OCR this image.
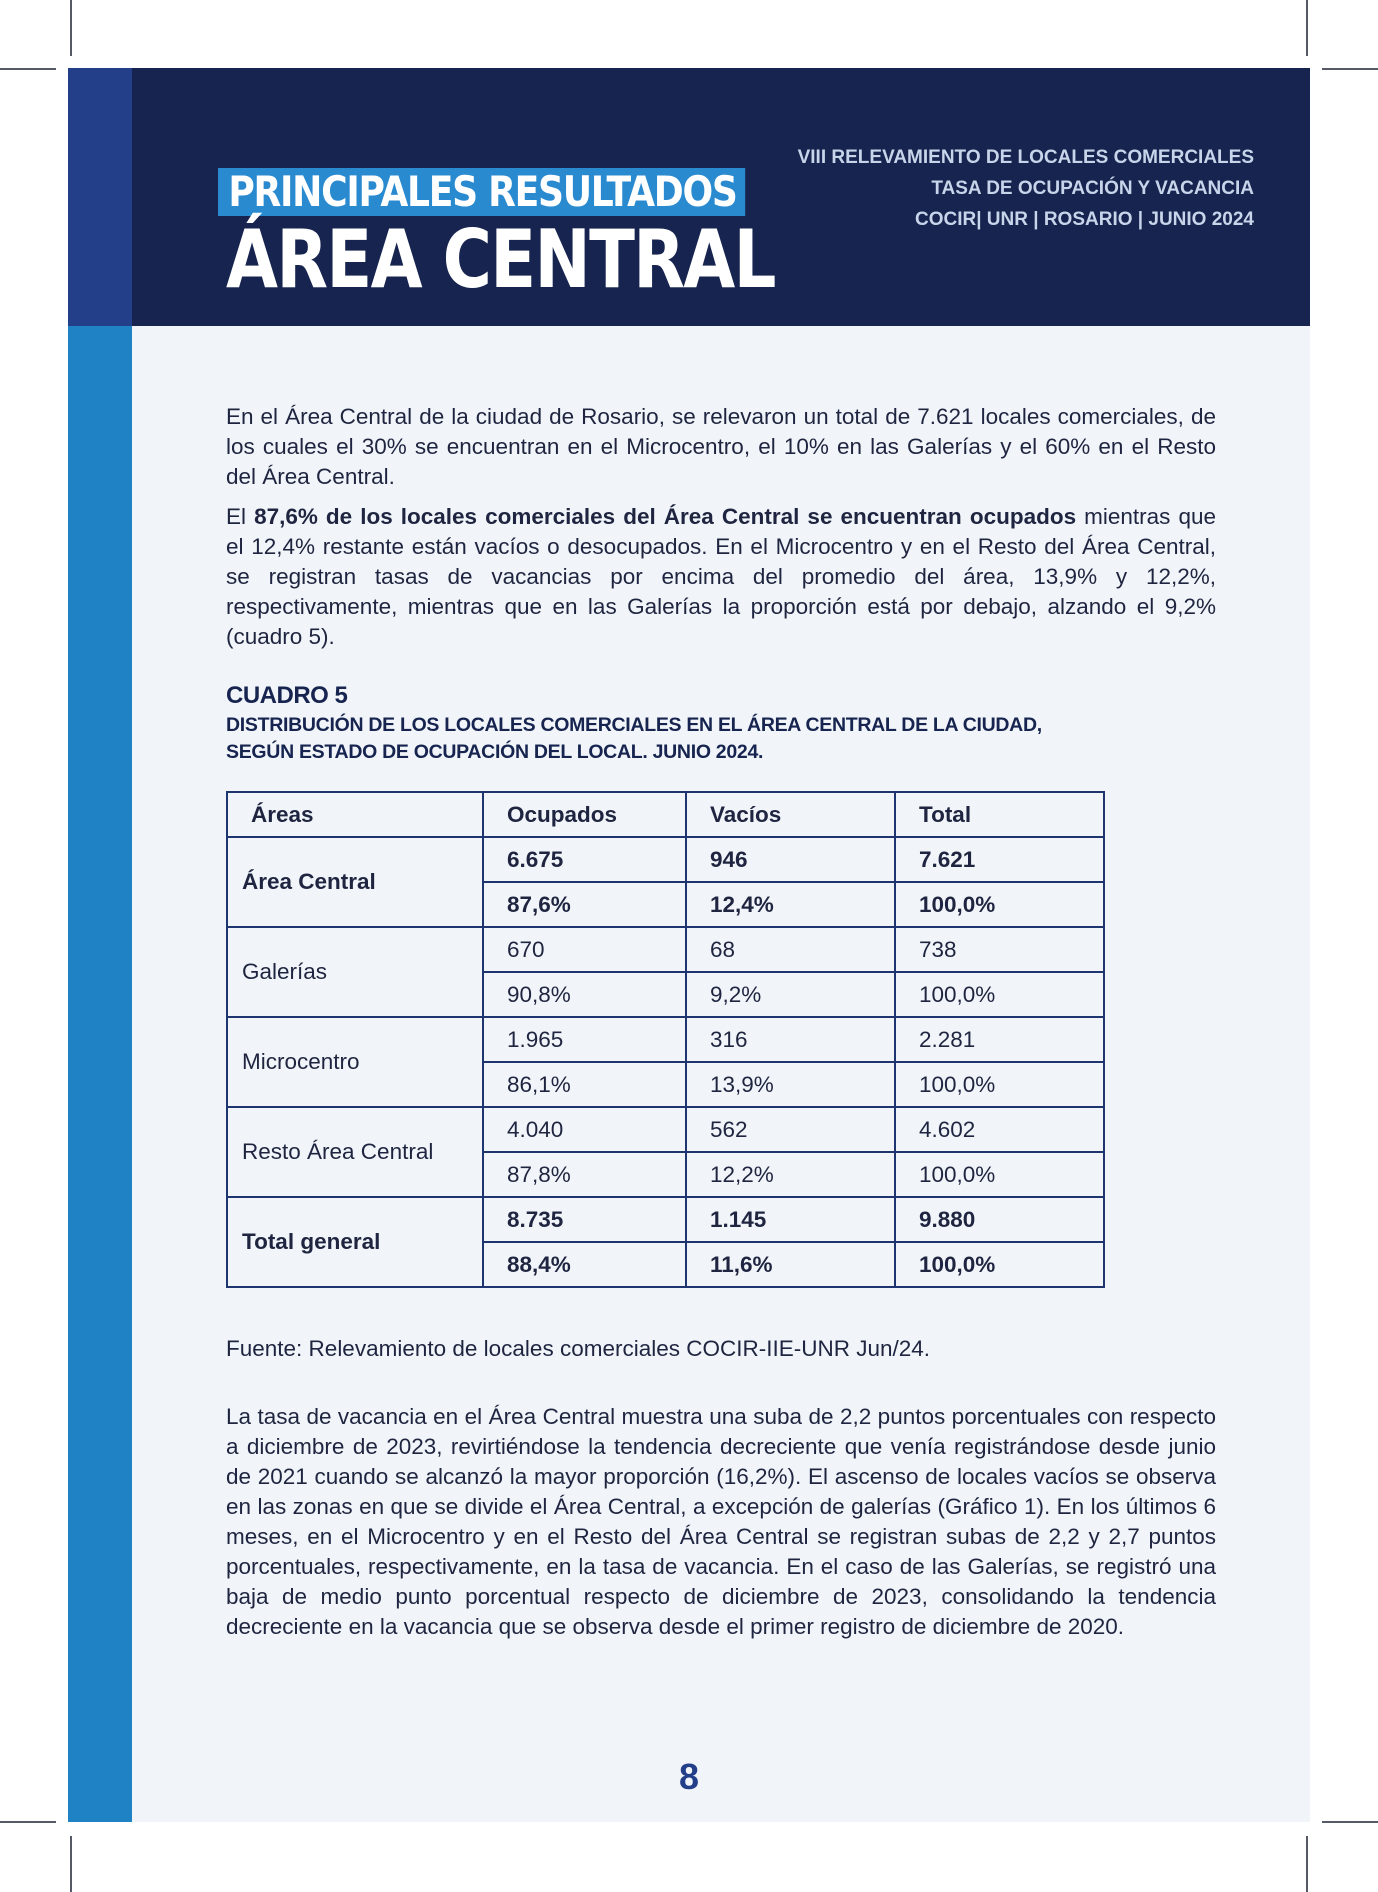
PRINCIPALES RESULTADOS
ÁREA CENTRAL
VIII RELEVAMIENTO DE LOCALES COMERCIALES
TASA DE OCUPACIÓN Y VACANCIA
COCIR| UNR | ROSARIO | JUNIO 2024

En el Área Central de la ciudad de Rosario, se relevaron un total de 7.621 locales comerciales, de los cuales el 30% se encuentran en el Microcentro, el 10% en las Galerías y el 60% en el Resto del Área Central.

El 87,6% de los locales comerciales del Área Central se encuentran ocupados mientras que el 12,4% restante están vacíos o desocupados. En el Microcentro y en el Resto del Área Central, se registran tasas de vacancias por encima del promedio del área, 13,9% y 12,2%, respectivamente, mientras que en las Galerías la proporción está por debajo, alzando el 9,2% (cuadro 5).

CUADRO 5
DISTRIBUCIÓN DE LOS LOCALES COMERCIALES EN EL ÁREA CENTRAL DE LA CIUDAD,
SEGÚN ESTADO DE OCUPACIÓN DEL LOCAL. JUNIO 2024.
Áreas	Ocupados	Vacíos	Total
Área Central	6.675	946	7.621
	87,6%	12,4%	100,0%
Galerías	670	68	738
	90,8%	9,2%	100,0%
Microcentro	1.965	316	2.281
	86,1%	13,9%	100,0%
Resto Área Central	4.040	562	4.602
	87,8%	12,2%	100,0%
Total general	8.735	1.145	9.880
	88,4%	11,6%	100,0%
Fuente: Relevamiento de locales comerciales COCIR-IIE-UNR Jun/24.

La tasa de vacancia en el Área Central muestra una suba de 2,2 puntos porcentuales con respecto a diciembre de 2023, revirtiéndose la tendencia decreciente que venía registrándose desde junio de 2021 cuando se alcanzó la mayor proporción (16,2%). El ascenso de locales vacíos se observa en las zonas en que se divide el Área Central, a excepción de galerías (Gráfico 1). En los últimos 6 meses, en el Microcentro y en el Resto del Área Central se registran subas de 2,2 y 2,7 puntos porcentuales, respectivamente, en la tasa de vacancia. En el caso de las Galerías, se registró una baja de medio punto porcentual respecto de diciembre de 2023, consolidando la tendencia decreciente en la vacancia que se observa desde el primer registro de diciembre de 2020.

8
